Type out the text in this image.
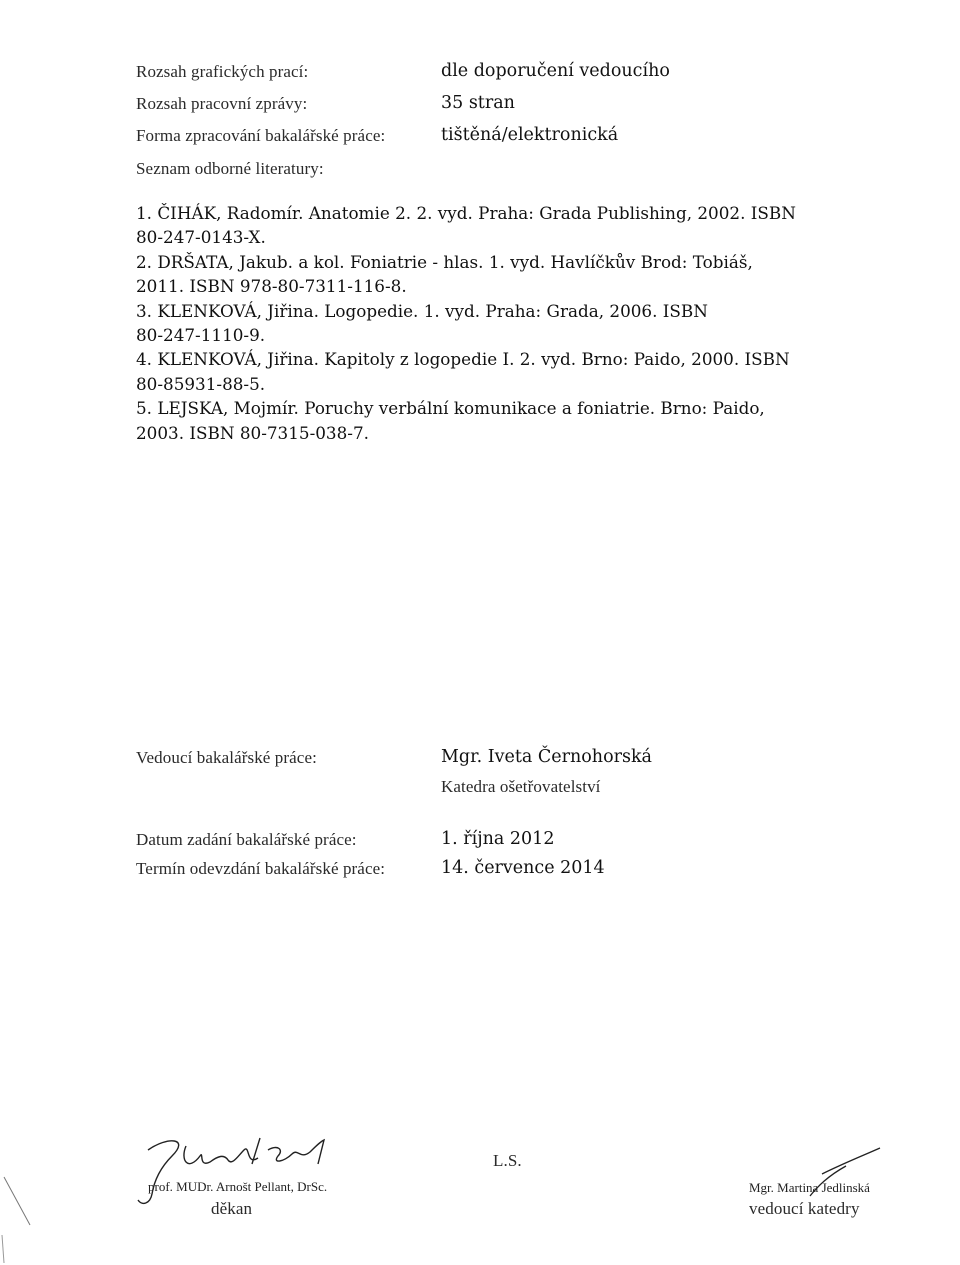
Rozsah grafických prací:	dle doporučení vedoucího
Rozsah pracovní zprávy:	35 stran
Forma zpracování bakalářské práce:	tištěná/elektronická
Seznam odborné literatury:
1. ČIHÁK, Radomír. Anatomie 2. 2. vyd. Praha: Grada Publishing, 2002. ISBN
80-247-0143-X.
2. DRŠATA, Jakub. a kol. Foniatrie - hlas. 1. vyd. Havlíčkův Brod: Tobiáš,
2011. ISBN 978-80-7311-116-8.
3. KLENKOVÁ, Jiřina. Logopedie. 1. vyd. Praha: Grada, 2006. ISBN
80-247-1110-9.
4. KLENKOVÁ, Jiřina. Kapitoly z logopedie I. 2. vyd. Brno: Paido, 2000. ISBN
80-85931-88-5.
5. LEJSKA, Mojmír. Poruchy verbální komunikace a foniatrie. Brno: Paido,
2003. ISBN 80-7315-038-7.
Vedoucí bakalářské práce:	Mgr. Iveta Černohorská
Katedra ošetřovatelství
Datum zadání bakalářské práce:	1. října 2012
Termín odevzdání bakalářské práce:	14. července 2014
prof. MUDr. Arnošt Pellant, DrSc.
děkan
L.S.
Mgr. Martina Jedlinská
vedoucí katedry
